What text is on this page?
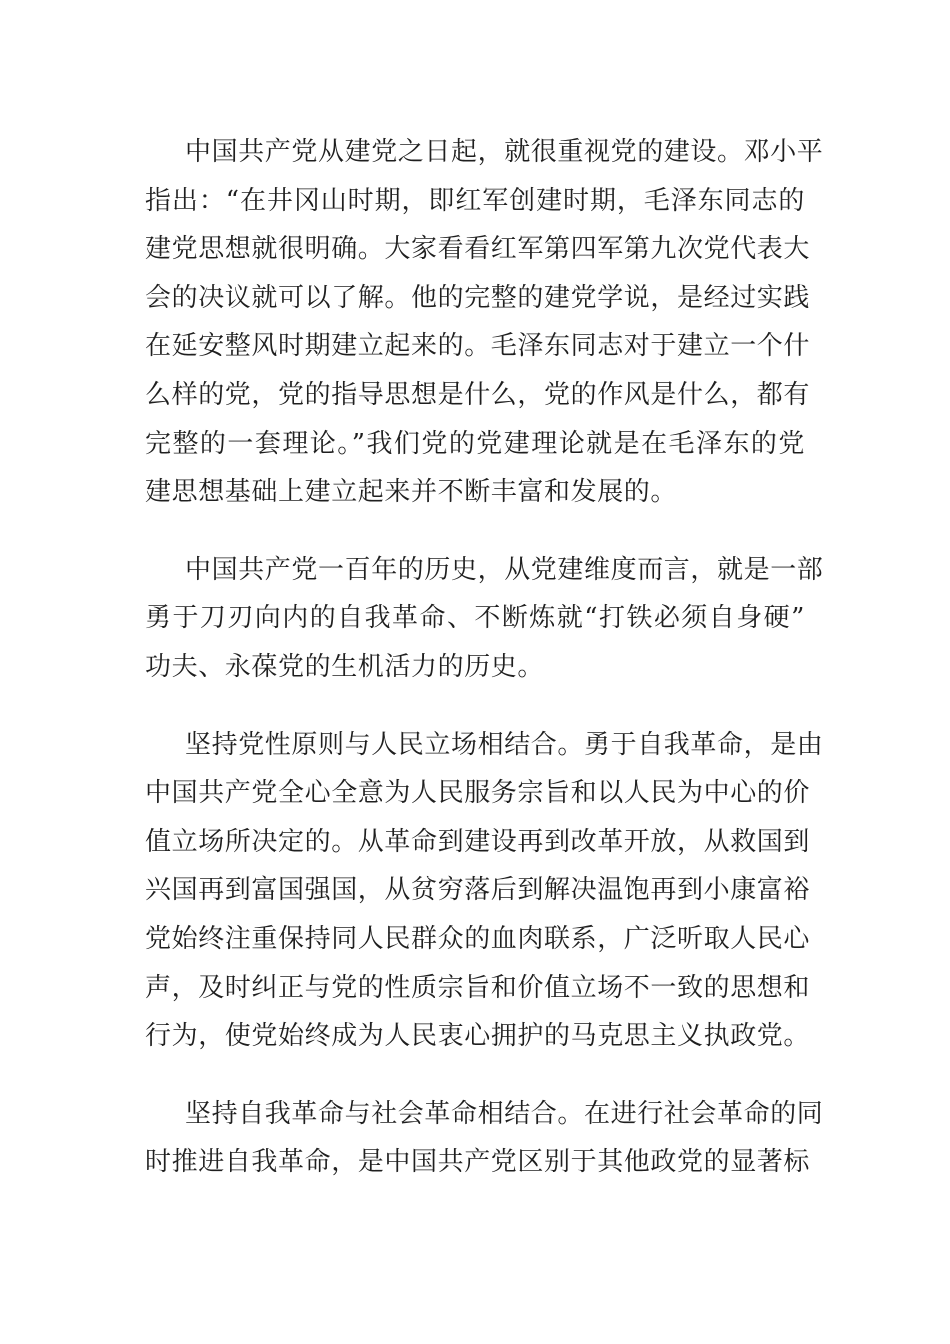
中国共产党从建党之日起，就很重视党的建设。邓小平
指出：“在井冈山时期，即红军创建时期，毛泽东同志的
建党思想就很明确。大家看看红军第四军第九次党代表大
会的决议就可以了解。他的完整的建党学说，是经过实践
在延安整风时期建立起来的。毛泽东同志对于建立一个什
么样的党，党的指导思想是什么，党的作风是什么，都有
完整的一套理论。”我们党的党建理论就是在毛泽东的党
建思想基础上建立起来并不断丰富和发展的。
中国共产党一百年的历史，从党建维度而言，就是一部
勇于刀刃向内的自我革命、不断炼就“打铁必须自身硬”
功夫、永葆党的生机活力的历史。
坚持党性原则与人民立场相结合。勇于自我革命，是由
中国共产党全心全意为人民服务宗旨和以人民为中心的价
值立场所决定的。从革命到建设再到改革开放，从救国到
兴国再到富国强国，从贫穷落后到解决温饱再到小康富裕
党始终注重保持同人民群众的血肉联系，广泛听取人民心
声，及时纠正与党的性质宗旨和价值立场不一致的思想和
行为，使党始终成为人民衷心拥护的马克思主义执政党。
坚持自我革命与社会革命相结合。在进行社会革命的同
时推进自我革命，是中国共产党区别于其他政党的显著标
